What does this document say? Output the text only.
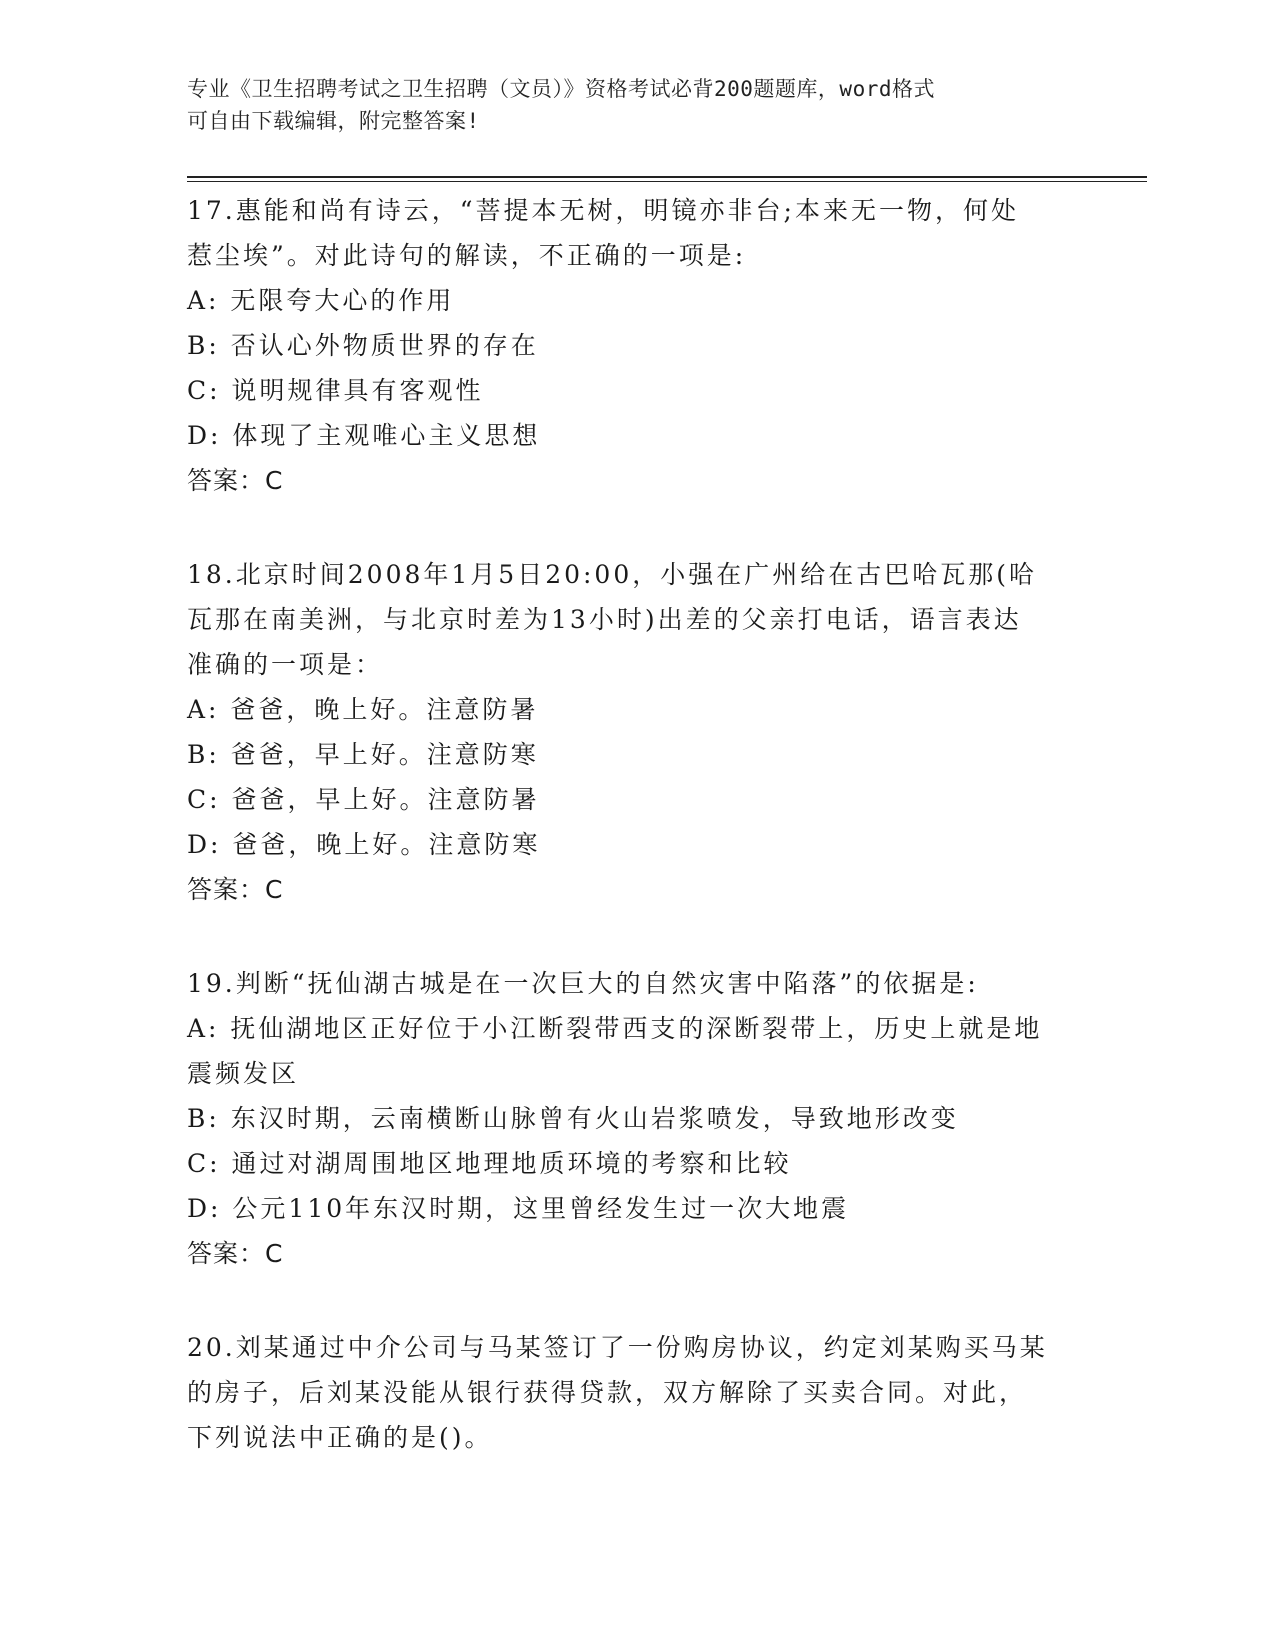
专业《卫生招聘考试之卫生招聘（文员）》资格考试必背200题题库，word格式
可自由下载编辑，附完整答案!

17.惠能和尚有诗云，“菩提本无树，明镜亦非台;本来无一物，何处

惹尘埃”。对此诗句的解读，不正确的一项是:

A: 无限夸大心的作用

B: 否认心外物质世界的存在

C: 说明规律具有客观性

D: 体现了主观唯心主义思想

答案：C

18.北京时间2008年1月5日20:00，小强在广州给在古巴哈瓦那(哈

瓦那在南美洲，与北京时差为13小时)出差的父亲打电话，语言表达

准确的一项是：

A: 爸爸，晚上好。注意防暑

B: 爸爸，早上好。注意防寒

C: 爸爸，早上好。注意防暑

D: 爸爸，晚上好。注意防寒

答案：C

19.判断“抚仙湖古城是在一次巨大的自然灾害中陷落”的依据是:

A: 抚仙湖地区正好位于小江断裂带西支的深断裂带上，历史上就是地

震频发区

B: 东汉时期，云南横断山脉曾有火山岩浆喷发，导致地形改变

C: 通过对湖周围地区地理地质环境的考察和比较

D: 公元110年东汉时期，这里曾经发生过一次大地震

答案：C

20.刘某通过中介公司与马某签订了一份购房协议，约定刘某购买马某

的房子，后刘某没能从银行获得贷款，双方解除了买卖合同。对此，

下列说法中正确的是()。
